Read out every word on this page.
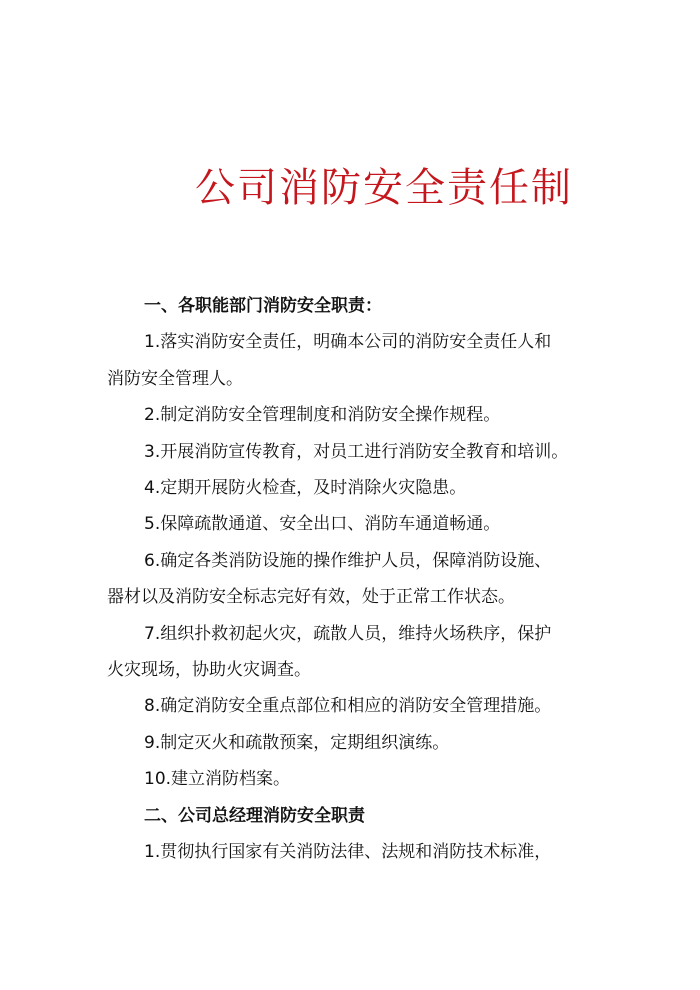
公司消防安全责任制

一、各职能部门消防安全职责：

1.落实消防安全责任，明确本公司的消防安全责任人和

消防安全管理人。

2.制定消防安全管理制度和消防安全操作规程。

3.开展消防宣传教育，对员工进行消防安全教育和培训。

4.定期开展防火检查，及时消除火灾隐患。

5.保障疏散通道、安全出口、消防车通道畅通。

6.确定各类消防设施的操作维护人员，保障消防设施、

器材以及消防安全标志完好有效，处于正常工作状态。

7.组织扑救初起火灾，疏散人员，维持火场秩序，保护

火灾现场，协助火灾调查。

8.确定消防安全重点部位和相应的消防安全管理措施。

9.制定灭火和疏散预案，定期组织演练。

10.建立消防档案。

二、公司总经理消防安全职责

1.贯彻执行国家有关消防法律、法规和消防技术标准，
